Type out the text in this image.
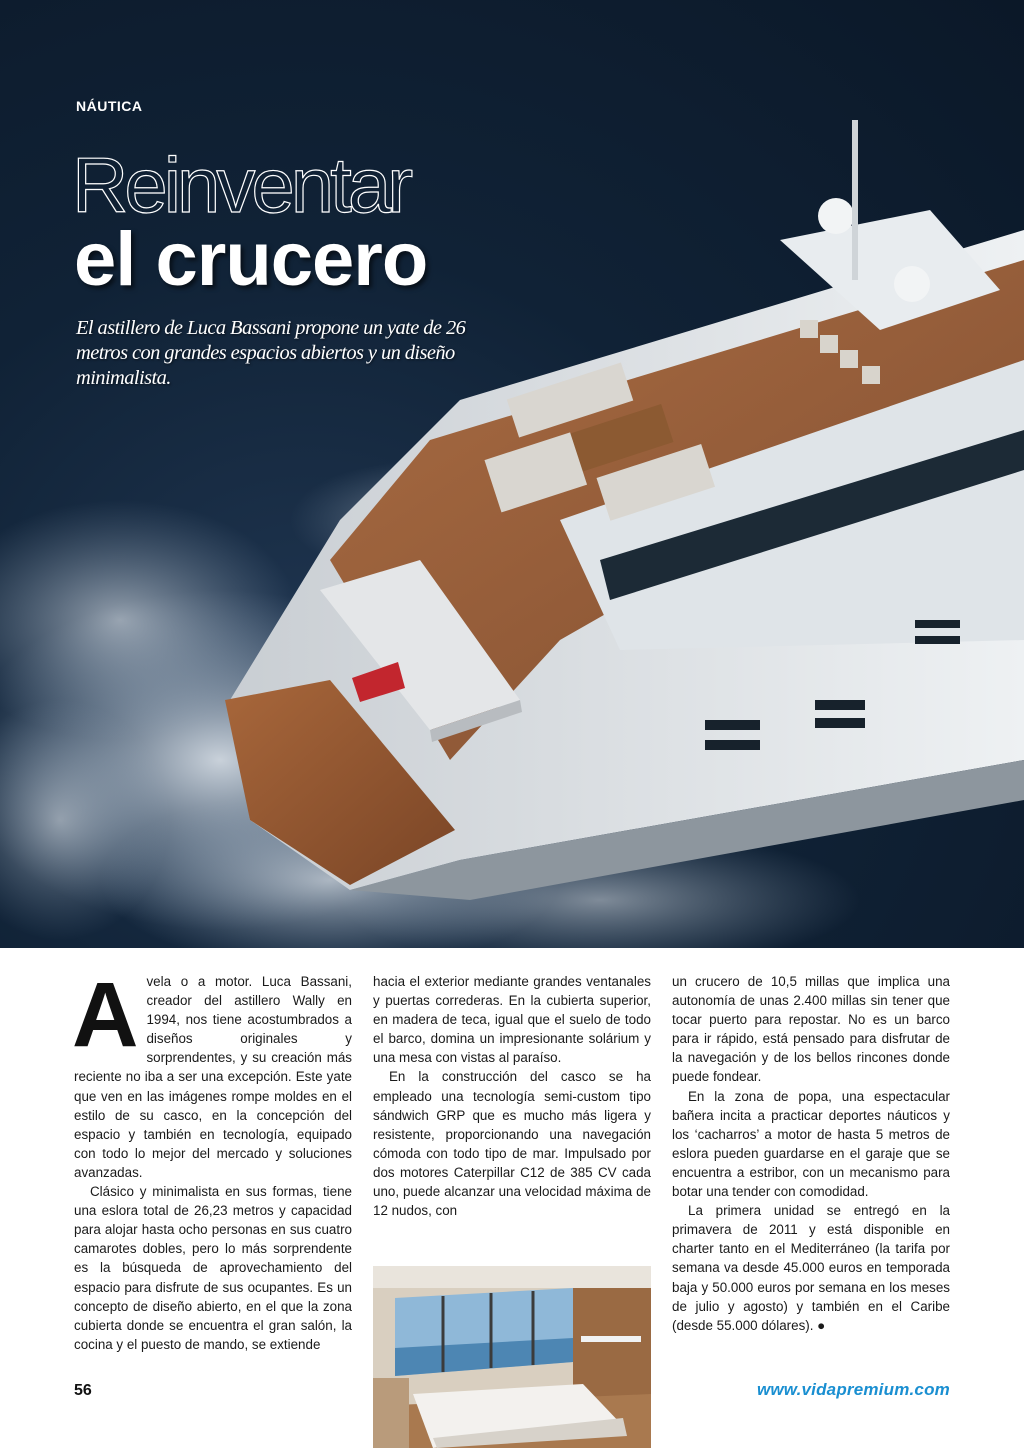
NÁUTICA
Reinventar
el crucero
El astillero de Luca Bassani propone un yate de 26 metros con grandes espacios abiertos y un diseño minimalista.

A vela o a motor. Luca Bassani, creador del astillero Wally en 1994, nos tiene acostumbrados a diseños originales y sorprendentes, y su creación más reciente no iba a ser una excepción. Este yate que ven en las imágenes rompe moldes en el estilo de su casco, en la concepción del espacio y también en tecnología, equipado con todo lo mejor del mercado y soluciones avanzadas.

Clásico y minimalista en sus formas, tiene una eslora total de 26,23 metros y capacidad para alojar hasta ocho personas en sus cuatro camarotes dobles, pero lo más sorprendente es la búsqueda de aprovechamiento del espacio para disfrute de sus ocupantes. Es un concepto de diseño abierto, en el que la zona cubierta donde se encuentra el gran salón, la cocina y el puesto de mando, se extiende

hacia el exterior mediante grandes ventanales y puertas correderas. En la cubierta superior, en madera de teca, igual que el suelo de todo el barco, domina un impresionante solárium y una mesa con vistas al paraíso.

En la construcción del casco se ha empleado una tecnología semi-custom tipo sándwich GRP que es mucho más ligera y resistente, proporcionando una navegación cómoda con todo tipo de mar. Impulsado por dos motores Caterpillar C12 de 385 CV cada uno, puede alcanzar una velocidad máxima de 12 nudos, con

un crucero de 10,5 millas que implica una autonomía de unas 2.400 millas sin tener que tocar puerto para repostar. No es un barco para ir rápido, está pensado para disfrutar de la navegación y de los bellos rincones donde puede fondear.

En la zona de popa, una espectacular bañera incita a practicar deportes náuticos y los ‘cacharros’ a motor de hasta 5 metros de eslora pueden guardarse en el garaje que se encuentra a estribor, con un mecanismo para botar una tender con comodidad.

La primera unidad se entregó en la primavera de 2011 y está disponible en charter tanto en el Mediterráneo (la tarifa por semana va desde 45.000 euros en temporada baja y 50.000 euros por semana en los meses de julio y agosto) y también en el Caribe (desde 55.000 dólares). ●

56	www.vidapremium.com
